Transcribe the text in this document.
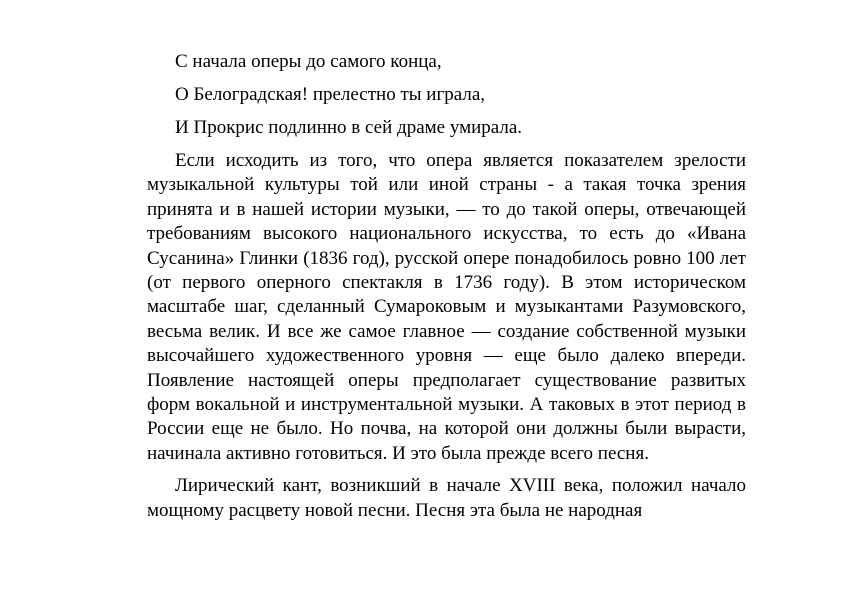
С начала оперы до самого конца,
О Белоградская! прелестно ты играла,
И Прокрис подлинно в сей драме умирала.

Если исходить из того, что опера является показателем зрелости музыкальной культуры той или иной страны - а такая точка зрения принята и в нашей истории музыки, — то до такой оперы, отвечающей требованиям высокого национального искусства, то есть до «Ивана Сусанина» Глинки (1836 год), русской опере понадобилось ровно 100 лет (от первого оперного спектакля в 1736 году). В этом историческом масштабе шаг, сделанный Сумароковым и музыкантами Разумовского, весьма велик. И все же самое главное — создание собственной музыки высочайшего художественного уровня — еще было далеко впереди. Появление настоящей оперы предполагает существование развитых форм вокальной и инструментальной музыки. А таковых в этот период в России еще не было. Но почва, на которой они должны были вырасти, начинала активно готовиться. И это была прежде всего песня.

Лирический кант, возникший в начале XVIII века, положил начало мощному расцвету новой песни. Песня эта была не народная
